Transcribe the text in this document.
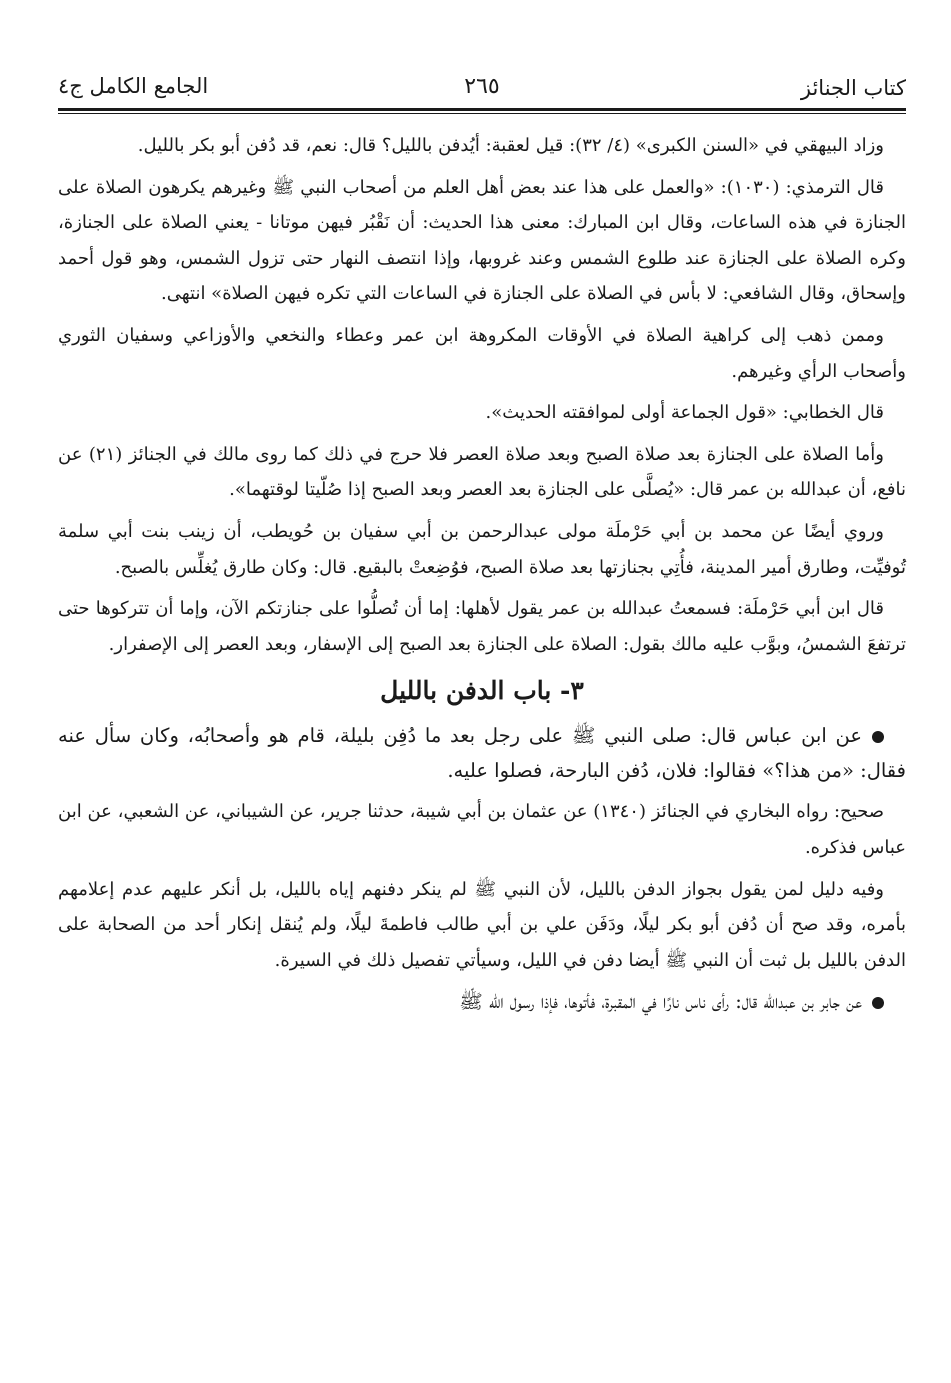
كتاب الجنائز
٢٦٥
الجامع الكامل ج٤

وزاد البيهقي في «السنن الكبرى» (٤/ ٣٢): قيل لعقبة: أيُدفن بالليل؟ قال: نعم، قد دُفن أبو بكر بالليل.

قال الترمذي: (١٠٣٠): «والعمل على هذا عند بعض أهل العلم من أصحاب النبي ﷺ وغيرهم يكرهون الصلاة على الجنازة في هذه الساعات، وقال ابن المبارك: معنى هذا الحديث: أن نَقْبُر فيهن موتانا - يعني الصلاة على الجنازة، وكره الصلاة على الجنازة عند طلوع الشمس وعند غروبها، وإذا انتصف النهار حتى تزول الشمس، وهو قول أحمد وإسحاق، وقال الشافعي: لا بأس في الصلاة على الجنازة في الساعات التي تكره فيهن الصلاة» انتهى.

وممن ذهب إلى كراهية الصلاة في الأوقات المكروهة ابن عمر وعطاء والنخعي والأوزاعي وسفيان الثوري وأصحاب الرأي وغيرهم.

قال الخطابي: «قول الجماعة أولى لموافقته الحديث».

وأما الصلاة على الجنازة بعد صلاة الصبح وبعد صلاة العصر فلا حرج في ذلك كما روى مالك في الجنائز (٢١) عن نافع، أن عبدالله بن عمر قال: «يُصلَّى على الجنازة بعد العصر وبعد الصبح إذا صُلّيتا لوقتهما».

وروي أيضًا عن محمد بن أبي حَرْملَة مولى عبدالرحمن بن أبي سفيان بن حُويطب، أن زينب بنت أبي سلمة تُوفيِّت، وطارق أمير المدينة، فأُتِي بجنازتها بعد صلاة الصبح، فوُضِعتْ بالبقيع. قال: وكان طارق يُغلِّس بالصبح.

قال ابن أبي حَرْملَة: فسمعتُ عبدالله بن عمر يقول لأهلها: إما أن تُصلُّوا على جنازتكم الآن، وإما أن تتركوها حتى ترتفعَ الشمسُ، وبوَّب عليه مالك بقول: الصلاة على الجنازة بعد الصبح إلى الإسفار، وبعد العصر إلى الإصفرار.

٣- باب الدفن بالليل

عن ابن عباس قال: صلى النبي ﷺ على رجل بعد ما دُفِن بليلة، قام هو وأصحابُه، وكان سأل عنه فقال: «من هذا؟» فقالوا: فلان، دُفن البارحة، فصلوا عليه.

صحيح: رواه البخاري في الجنائز (١٣٤٠) عن عثمان بن أبي شيبة، حدثنا جرير، عن الشيباني، عن الشعبي، عن ابن عباس فذكره.

وفيه دليل لمن يقول بجواز الدفن بالليل، لأن النبي ﷺ لم ينكر دفنهم إياه بالليل، بل أنكر عليهم عدم إعلامهم بأمره، وقد صح أن دُفن أبو بكر ليلًا، ودَفَن علي بن أبي طالب فاطمةَ ليلًا، ولم يُنقل إنكار أحد من الصحابة على الدفن بالليل بل ثبت أن النبي ﷺ أيضا دفن في الليل، وسيأتي تفصيل ذلك في السيرة.

عن جابر بن عبدالله قال: رأى ناس نارًا في المقبرة، فأتوها، فإذا رسول الله ﷺ
